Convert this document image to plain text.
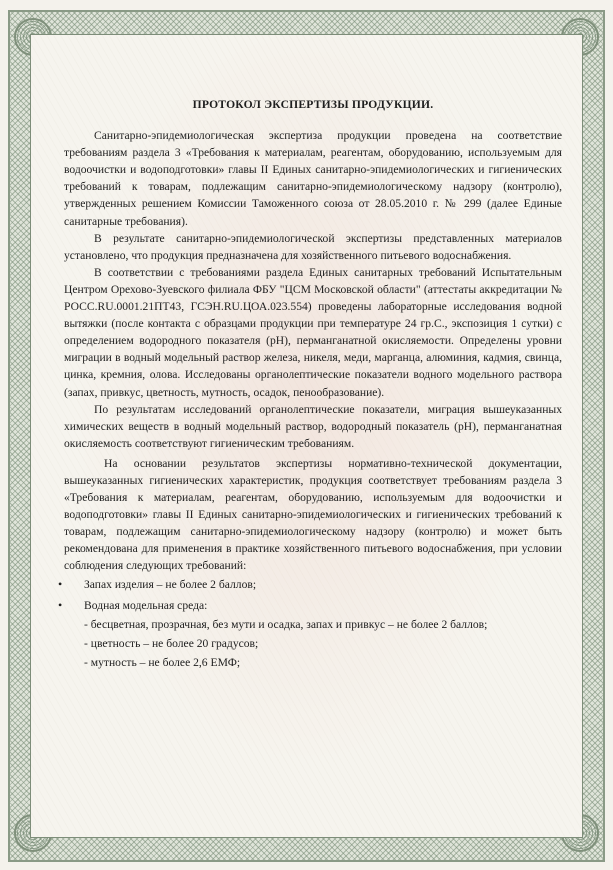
ПРОТОКОЛ ЭКСПЕРТИЗЫ ПРОДУКЦИИ.

Санитарно-эпидемиологическая экспертиза продукции проведена на соответствие требованиям раздела 3 «Требования к материалам, реагентам, оборудованию, используемым для водоочистки и водоподготовки» главы II Единых санитарно-эпидемиологических и гигиенических требований к товарам, подлежащим санитарно-эпидемиологическому надзору (контролю), утвержденных решением Комиссии Таможенного союза от 28.05.2010 г. № 299 (далее Единые санитарные требования).

В результате санитарно-эпидемиологической экспертизы представленных материалов установлено, что продукция предназначена для хозяйственного питьевого водоснабжения.

В соответствии с требованиями раздела Единых санитарных требований Испытательным Центром Орехово-Зуевского филиала ФБУ "ЦСМ Московской области" (аттестаты аккредитации № РОСС.RU.0001.21ПТ43, ГСЭН.RU.ЦОА.023.554) проведены лабораторные исследования водной вытяжки (после контакта с образцами продукции при температуре 24 гр.С., экспозиция 1 сутки) с определением водородного показателя (рН), перманганатной окисляемости. Определены уровни миграции в водный модельный раствор железа, никеля, меди, марганца, алюминия, кадмия, свинца, цинка, кремния, олова. Исследованы органолептические показатели водного модельного раствора (запах, привкус, цветность, мутность, осадок, пенообразование).

По результатам исследований органолептические показатели, миграция вышеуказанных химических веществ в водный модельный раствор, водородный показатель (рН), перманганатная окисляемость соответствуют гигиеническим требованиям.

На основании результатов экспертизы нормативно-технической документации, вышеуказанных гигиенических характеристик, продукция соответствует требованиям раздела 3 «Требования к материалам, реагентам, оборудованию, используемым для водоочистки и водоподготовки» главы II Единых санитарно-эпидемиологических и гигиенических требований к товарам, подлежащим санитарно-эпидемиологическому надзору (контролю) и может быть рекомендована для применения в практике хозяйственного питьевого водоснабжения, при условии соблюдения следующих требований:

• Запах изделия – не более 2 баллов;
• Водная модельная среда:
- бесцветная, прозрачная, без мути и осадка, запах и привкус – не более 2 баллов;
- цветность – не более 20 градусов;
- мутность – не более 2,6 ЕМФ;
